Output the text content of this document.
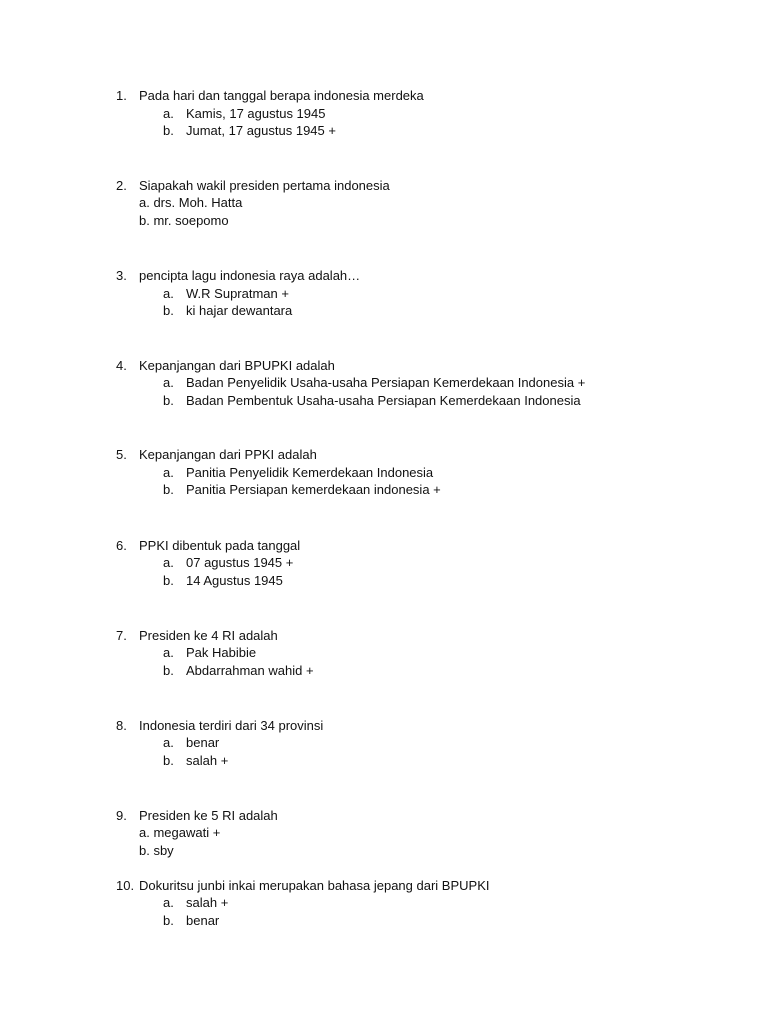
1. Pada hari dan tanggal berapa indonesia merdeka
a. Kamis, 17 agustus 1945
b. Jumat, 17 agustus 1945 +
2. Siapakah wakil presiden pertama indonesia
a. drs. Moh. Hatta
b. mr. soepomo
3. pencipta lagu indonesia raya adalah…
a. W.R Supratman +
b. ki hajar dewantara
4. Kepanjangan dari BPUPKI adalah
a. Badan Penyelidik Usaha-usaha Persiapan Kemerdekaan Indonesia +
b. Badan Pembentuk Usaha-usaha Persiapan Kemerdekaan Indonesia
5. Kepanjangan dari PPKI adalah
a. Panitia Penyelidik Kemerdekaan Indonesia
b. Panitia Persiapan kemerdekaan indonesia +
6. PPKI dibentuk pada tanggal
a. 07 agustus 1945 +
b. 14 Agustus 1945
7. Presiden ke 4 RI adalah
a. Pak Habibie
b. Abdarrahman wahid +
8. Indonesia terdiri dari 34 provinsi
a. benar
b. salah +
9. Presiden ke 5 RI adalah
a. megawati +
b. sby
10. Dokuritsu junbi inkai merupakan bahasa jepang dari BPUPKI
a. salah +
b. benar
